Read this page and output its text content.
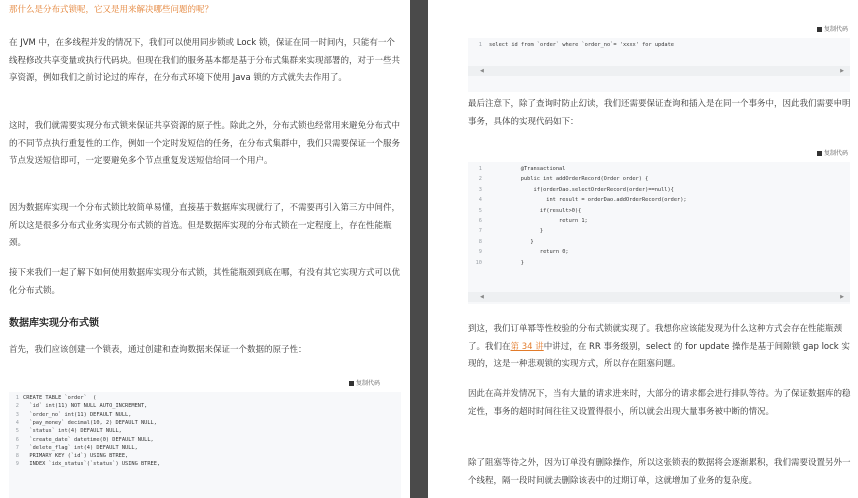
那什么是分布式锁呢，它又是用来解决哪些问题的呢？

在 JVM 中，在多线程并发的情况下，我们可以使用同步锁或 Lock 锁，保证在同一时间内，只能有一个线程修改共享变量或执行代码块。但现在我们的服务基本都是基于分布式集群来实现部署的，对于一些共享资源，例如我们之前讨论过的库存，在分布式环境下使用 Java 锁的方式就失去作用了。

这时，我们就需要实现分布式锁来保证共享资源的原子性。除此之外，分布式锁也经常用来避免分布式中的不同节点执行重复性的工作，例如一个定时发短信的任务，在分布式集群中，我们只需要保证一个服务节点发送短信即可，一定要避免多个节点重复发送短信给同一个用户。

因为数据库实现一个分布式锁比较简单易懂，直接基于数据库实现就行了，不需要再引入第三方中间件，所以这是很多分布式业务实现分布式锁的首选。但是数据库实现的分布式锁在一定程度上，存在性能瓶颈。

接下来我们一起了解下如何使用数据库实现分布式锁，其性能瓶颈到底在哪，有没有其它实现方式可以优化分布式锁。

数据库实现分布式锁

首先，我们应该创建一个锁表，通过创建和查询数据来保证一个数据的原子性：

复制代码
1 CREATE TABLE `order`  (
2 `id` int(11) NOT NULL AUTO_INCREMENT,
3 `order_no` int(11) DEFAULT NULL,
4 `pay_money` decimal(10, 2) DEFAULT NULL,
5 `status` int(4) DEFAULT NULL,
6 `create_date` datetime(0) DEFAULT NULL,
7 `delete_flag` int(4) DEFAULT NULL,
8 PRIMARY KEY (`id`) USING BTREE,
9 INDEX `idx_status`(`status`) USING BTREE,
复制代码
1 select id from `order` where `order_no`= 'xxxx' for update
◀	▶

最后注意下，除了查询时防止幻读，我们还需要保证查询和插入是在同一个事务中，因此我们需要申明事务，具体的实现代码如下：

复制代码
1	@Transactional
2	public int addOrderRecord(Order order) {
3	if(orderDao.selectOrderRecord(order)==null){
4	int result = orderDao.addOrderRecord(order);
5	if(result>0){
6	return 1;
7	}
8	}
9	return 0;
10	}
◀	▶

到这，我们订单幂等性校验的分布式锁就实现了。我想你应该能发现为什么这种方式会存在性能瓶颈了。我们在第 34 讲中讲过，在 RR 事务级别，select 的 for update 操作是基于间隙锁 gap lock 实现的，这是一种悲观锁的实现方式，所以存在阻塞问题。

因此在高并发情况下，当有大量的请求进来时，大部分的请求都会进行排队等待。为了保证数据库的稳定性，事务的超时时间往往又设置得很小，所以就会出现大量事务被中断的情况。

除了阻塞等待之外，因为订单没有删除操作，所以这张锁表的数据将会逐渐累积，我们需要设置另外一个线程，隔一段时间就去删除该表中的过期订单，这就增加了业务的复杂度。
